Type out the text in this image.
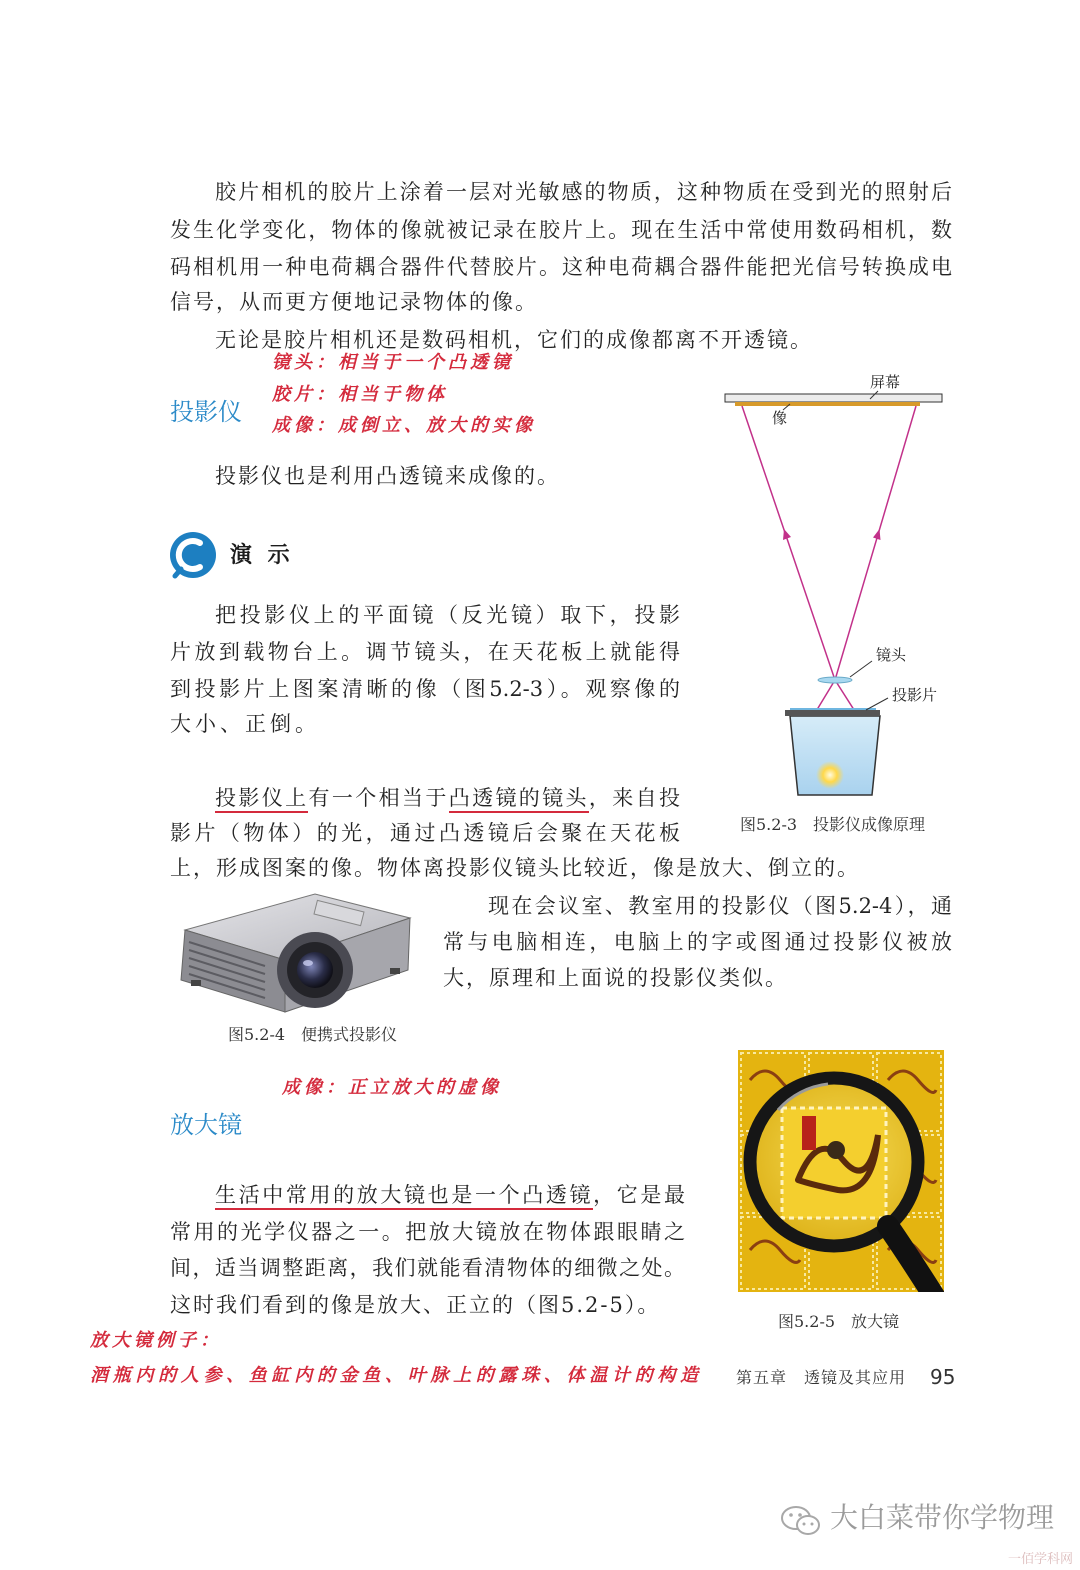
胶片相机的胶片上涂着一层对光敏感的物质，这种物质在受到光的照射后
发生化学变化，物体的像就被记录在胶片上。现在生活中常使用数码相机，数
码相机用一种电荷耦合器件代替胶片。这种电荷耦合器件能把光信号转换成电
信号，从而更方便地记录物体的像。
无论是胶片相机还是数码相机，它们的成像都离不开透镜。
镜头：相当于一个凸透镜
胶片：相当于物体
成像：成倒立、放大的实像
投影仪
投影仪也是利用凸透镜来成像的。
演 示
把投影仪上的平面镜（反光镜）取下，投影
片放到载物台上。调节镜头，在天花板上就能得
到投影片上图案清晰的像（图5.2-3）。观察像的
大小、正倒。
屏幕
像
镜头
投影片
图5.2-3　投影仪成像原理
投影仪上有一个相当于凸透镜的镜头，来自投
影片（物体）的光，通过凸透镜后会聚在天花板
上，形成图案的像。物体离投影仪镜头比较近，像是放大、倒立的。
图5.2-4　便携式投影仪
现在会议室、教室用的投影仪（图5.2-4），通
常与电脑相连，电脑上的字或图通过投影仪被放
大，原理和上面说的投影仪类似。
成像：正立放大的虚像
放大镜
生活中常用的放大镜也是一个凸透镜，它是最
常用的光学仪器之一。把放大镜放在物体跟眼睛之
间，适当调整距离，我们就能看清物体的细微之处。
这时我们看到的像是放大、正立的（图5.2-5）。
图5.2-5　放大镜
放大镜例子：
酒瓶内的人参、鱼缸内的金鱼、叶脉上的露珠、体温计的构造 第五章　透镜及其应用 95
大白菜带你学物理
一佰学科网
